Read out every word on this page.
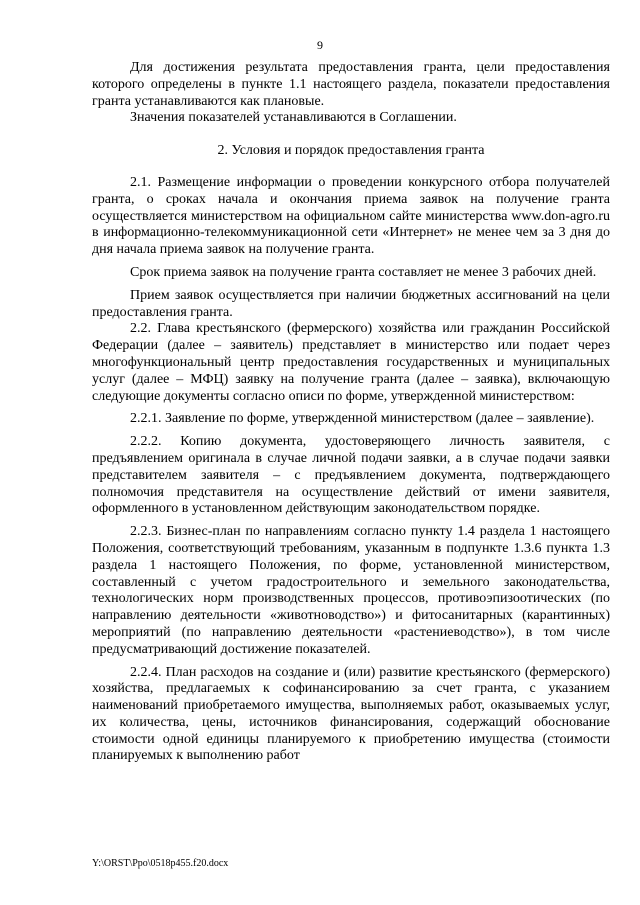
9

Для достижения результата предоставления гранта, цели предоставления которого определены в пункте 1.1 настоящего раздела, показатели предоставления гранта устанавливаются как плановые.

Значения показателей устанавливаются в Соглашении.

2. Условия и порядок предоставления гранта

2.1. Размещение информации о проведении конкурсного отбора получателей гранта, о сроках начала и окончания приема заявок на получение гранта осуществляется министерством на официальном сайте министерства www.don-agro.ru в информационно-телекоммуникационной сети «Интернет» не менее чем за 3 дня до дня начала приема заявок на получение гранта.

Срок приема заявок на получение гранта составляет не менее 3 рабочих дней.

Прием заявок осуществляется при наличии бюджетных ассигнований на цели предоставления гранта.

2.2. Глава крестьянского (фермерского) хозяйства или гражданин Российской Федерации (далее – заявитель) представляет в министерство или подает через многофункциональный центр предоставления государственных и муниципальных услуг (далее – МФЦ) заявку на получение гранта (далее – заявка), включающую следующие документы согласно описи по форме, утвержденной министерством:

2.2.1. Заявление по форме, утвержденной министерством (далее – заявление).

2.2.2. Копию документа, удостоверяющего личность заявителя, с предъявлением оригинала в случае личной подачи заявки, а в случае подачи заявки представителем заявителя – с предъявлением документа, подтверждающего полномочия представителя на осуществление действий от имени заявителя, оформленного в установленном действующим законодательством порядке.

2.2.3. Бизнес-план по направлениям согласно пункту 1.4 раздела 1 настоящего Положения, соответствующий требованиям, указанным в подпункте 1.3.6 пункта 1.3 раздела 1 настоящего Положения, по форме, установленной министерством, составленный с учетом градостроительного и земельного законодательства, технологических норм производственных процессов, противоэпизоотических (по направлению деятельности «животноводство») и фитосанитарных (карантинных) мероприятий (по направлению деятельности «растениеводство»), в том числе предусматривающий достижение показателей.

2.2.4. План расходов на создание и (или) развитие крестьянского (фермерского) хозяйства, предлагаемых к софинансированию за счет гранта, с указанием наименований приобретаемого имущества, выполняемых работ, оказываемых услуг, их количества, цены, источников финансирования, содержащий обоснование стоимости одной единицы планируемого к приобретению имущества (стоимости планируемых к выполнению работ

Y:\ORST\Ppo\0518p455.f20.docx
